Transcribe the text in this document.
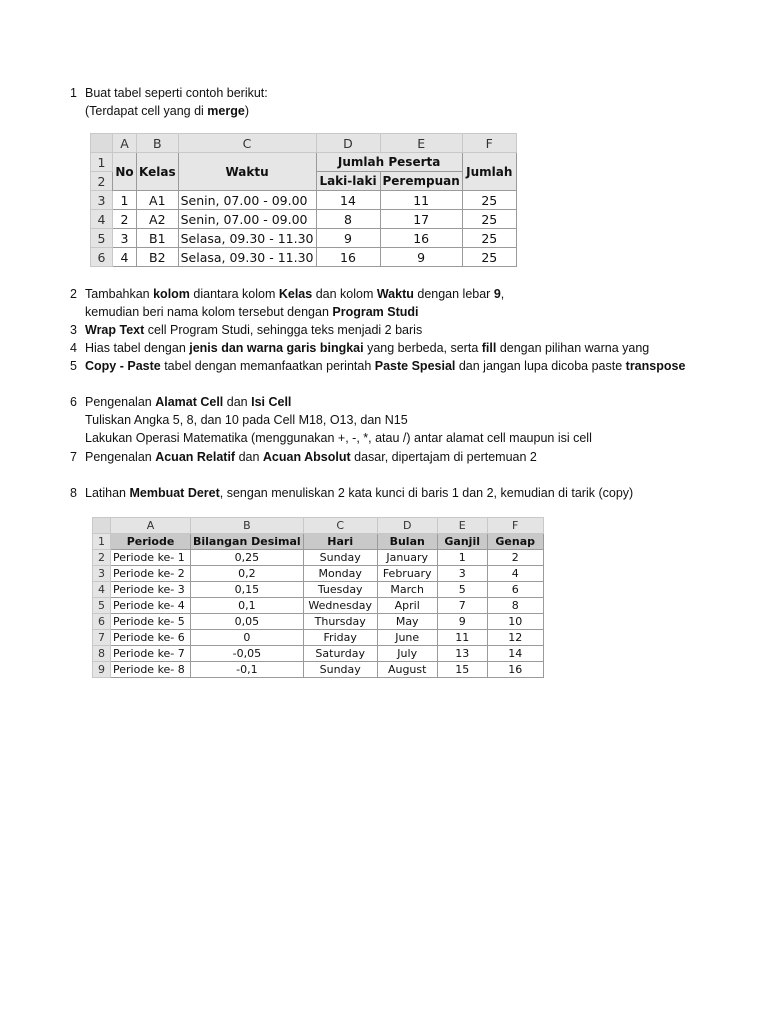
1 Buat tabel seperti contoh berikut:
(Terdapat cell yang di merge)
	A	B	C	D	E	F
1	No	Kelas	Waktu	Jumlah Peserta		Jumlah
2				Laki-laki	Perempuan	
3	1	A1	Senin, 07.00 - 09.00	14	11	25
4	2	A2	Senin, 07.00 - 09.00	8	17	25
5	3	B1	Selasa, 09.30 - 11.30	9	16	25
6	4	B2	Selasa, 09.30 - 11.30	16	9	25
2 Tambahkan kolom diantara kolom Kelas dan kolom Waktu dengan lebar 9,
kemudian beri nama kolom tersebut dengan Program Studi
3 Wrap Text cell Program Studi, sehingga teks menjadi 2 baris
4 Hias tabel dengan jenis dan warna garis bingkai yang berbeda, serta fill dengan pilihan warna yang
5 Copy - Paste tabel dengan memanfaatkan perintah Paste Spesial dan jangan lupa dicoba paste transpose
6 Pengenalan Alamat Cell dan Isi Cell
Tuliskan Angka 5, 8, dan 10 pada Cell M18, O13, dan N15
Lakukan Operasi Matematika (menggunakan +, -, *, atau /) antar alamat cell maupun isi cell
7 Pengenalan Acuan Relatif dan Acuan Absolut dasar, dipertajam di pertemuan 2
8 Latihan Membuat Deret, sengan menuliskan 2 kata kunci di baris 1 dan 2, kemudian di tarik (copy)
	A	B	C	D	E	F
1	Periode	Bilangan Desimal	Hari	Bulan	Ganjil	Genap
2	Periode ke- 1	0,25	Sunday	January	1	2
3	Periode ke- 2	0,2	Monday	February	3	4
4	Periode ke- 3	0,15	Tuesday	March	5	6
5	Periode ke- 4	0,1	Wednesday	April	7	8
6	Periode ke- 5	0,05	Thursday	May	9	10
7	Periode ke- 6	0	Friday	June	11	12
8	Periode ke- 7	-0,05	Saturday	July	13	14
9	Periode ke- 8	-0,1	Sunday	August	15	16
